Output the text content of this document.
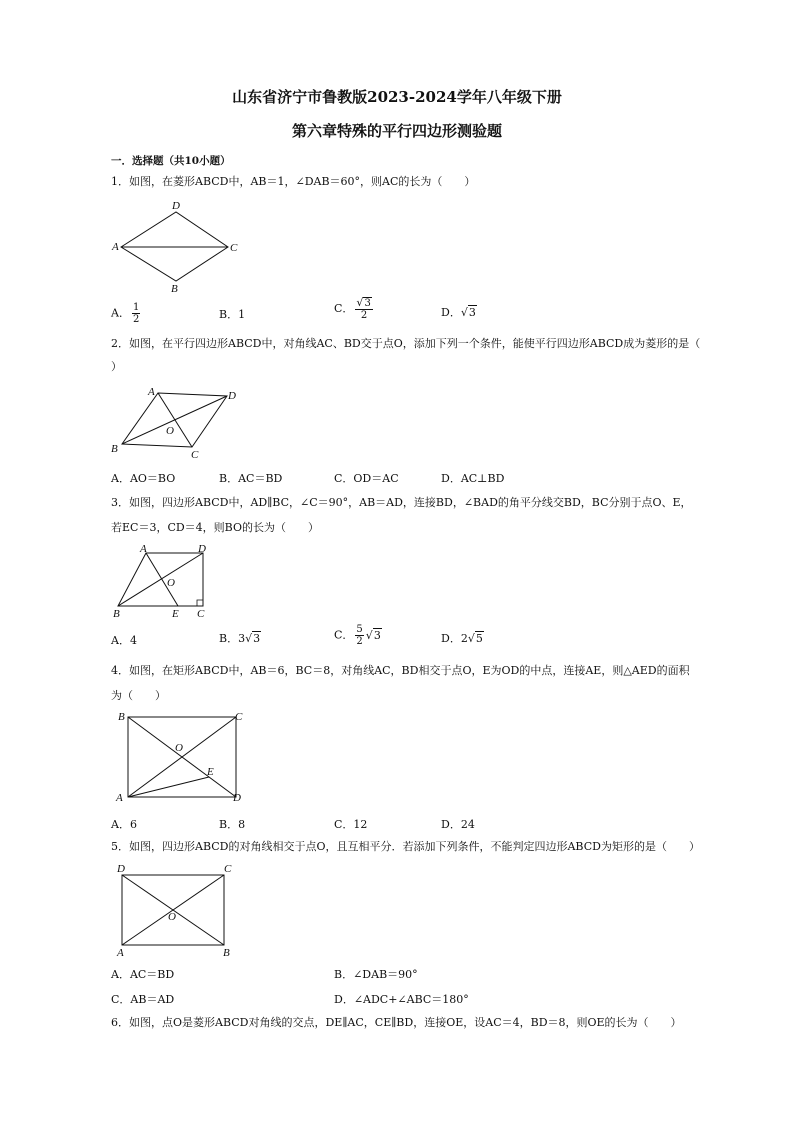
山东省济宁市鲁教版2023-2024学年八年级下册
第六章特殊的平行四边形测验题
一．选择题（共10小题）
1．如图，在菱形ABCD中，AB＝1，∠DAB＝60°，则AC的长为（　　）
D
A	C
B
A． $\frac{1}{2}$	B．1	C． $\frac{√3}{2}$	D．√3
2．如图，在平行四边形ABCD中，对角线AC、BD交于点O，添加下列一个条件，能使平行四边形ABCD成为菱形的是（
）
A	D
O
B	C
A．AO＝BO	B．AC＝BD	C．OD＝AC	D．AC⊥BD
3．如图，四边形ABCD中，AD∥BC，∠C＝90°，AB＝AD，连接BD，∠BAD的角平分线交BD，BC分别于点O、E，
若EC＝3，CD＝4，则BO的长为（　　）
A	D
O
B	E C
A．4	B．3√3	C． $\frac{5}{2} √3$	D．2√5
4．如图，在矩形ABCD中，AB＝6，BC＝8，对角线AC，BD相交于点O，E为OD的中点，连接AE，则△AED的面积
为（　　）
B	C
O
E
A	D
A．6	B．8	C．12	D．24
5．如图，四边形ABCD的对角线相交于点O，且互相平分．若添加下列条件，不能判定四边形ABCD为矩形的是（　　）
D	C
O
A	B
A．AC＝BD	B．∠DAB＝90°
C．AB＝AD	D．∠ADC+∠ABC＝180°
6．如图，点O是菱形ABCD对角线的交点，DE∥AC，CE∥BD，连接OE，设AC＝4，BD＝8，则OE的长为（　　）
